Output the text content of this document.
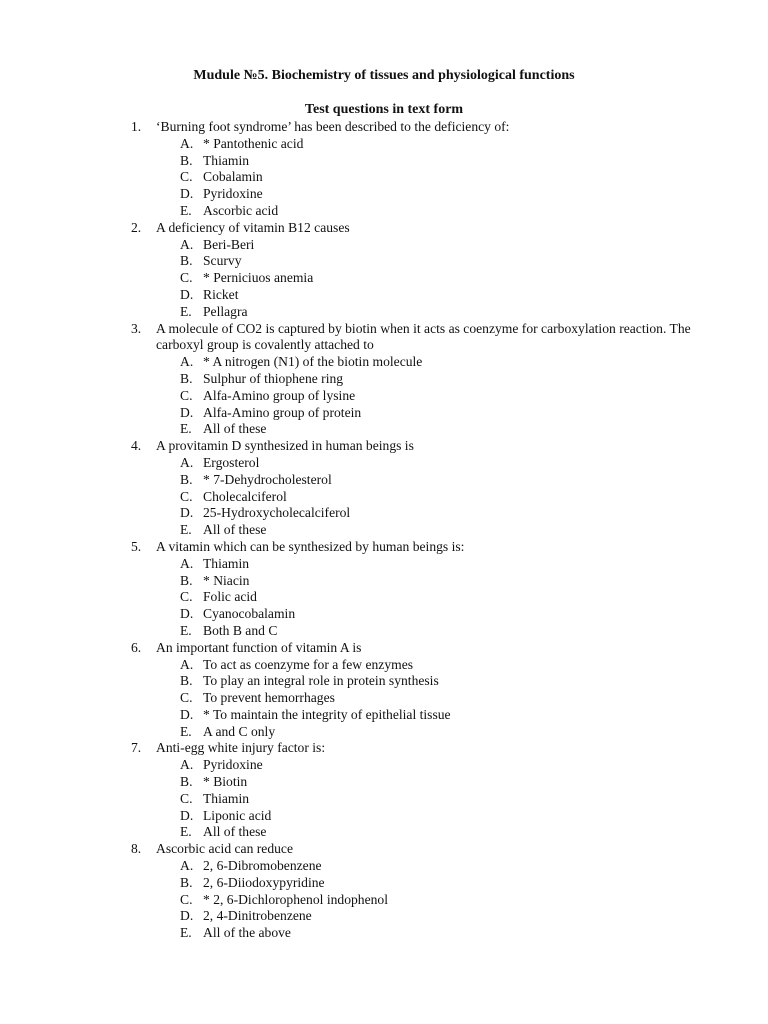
Mudule №5. Biochemistry of tissues and physiological functions
Test questions in text form
1. ‘Burning foot syndrome’ has been described to the deficiency of:
A. * Pantothenic acid
B. Thiamin
C. Cobalamin
D. Pyridoxine
E. Ascorbic acid
2. A deficiency of vitamin B12 causes
A. Beri-Beri
B. Scurvy
C. * Perniciuos anemia
D. Ricket
E. Pellagra
3. A molecule of CO2 is captured by biotin when it acts as coenzyme for carboxylation reaction. The carboxyl group is covalently attached to
A. * A nitrogen (N1) of the biotin molecule
B. Sulphur of thiophene ring
C. Alfa-Amino group of lysine
D. Alfa-Amino group of protein
E. All of these
4. A provitamin D synthesized in human beings is
A. Ergosterol
B. * 7-Dehydrocholesterol
C. Cholecalciferol
D. 25-Hydroxycholecalciferol
E. All of these
5. A vitamin which can be synthesized by human beings is:
A. Thiamin
B. * Niacin
C. Folic acid
D. Cyanocobalamin
E. Both B and C
6. An important function of vitamin A is
A. To act as coenzyme for a few enzymes
B. To play an integral role in protein synthesis
C. To prevent hemorrhages
D. * To maintain the integrity of epithelial tissue
E. A and C only
7. Anti-egg white injury factor is:
A. Pyridoxine
B. * Biotin
C. Thiamin
D. Liponic acid
E. All of these
8. Ascorbic acid can reduce
A. 2, 6-Dibromobenzene
B. 2, 6-Diiodoxypyridine
C. * 2, 6-Dichlorophenol indophenol
D. 2, 4-Dinitrobenzene
E. All of the above
